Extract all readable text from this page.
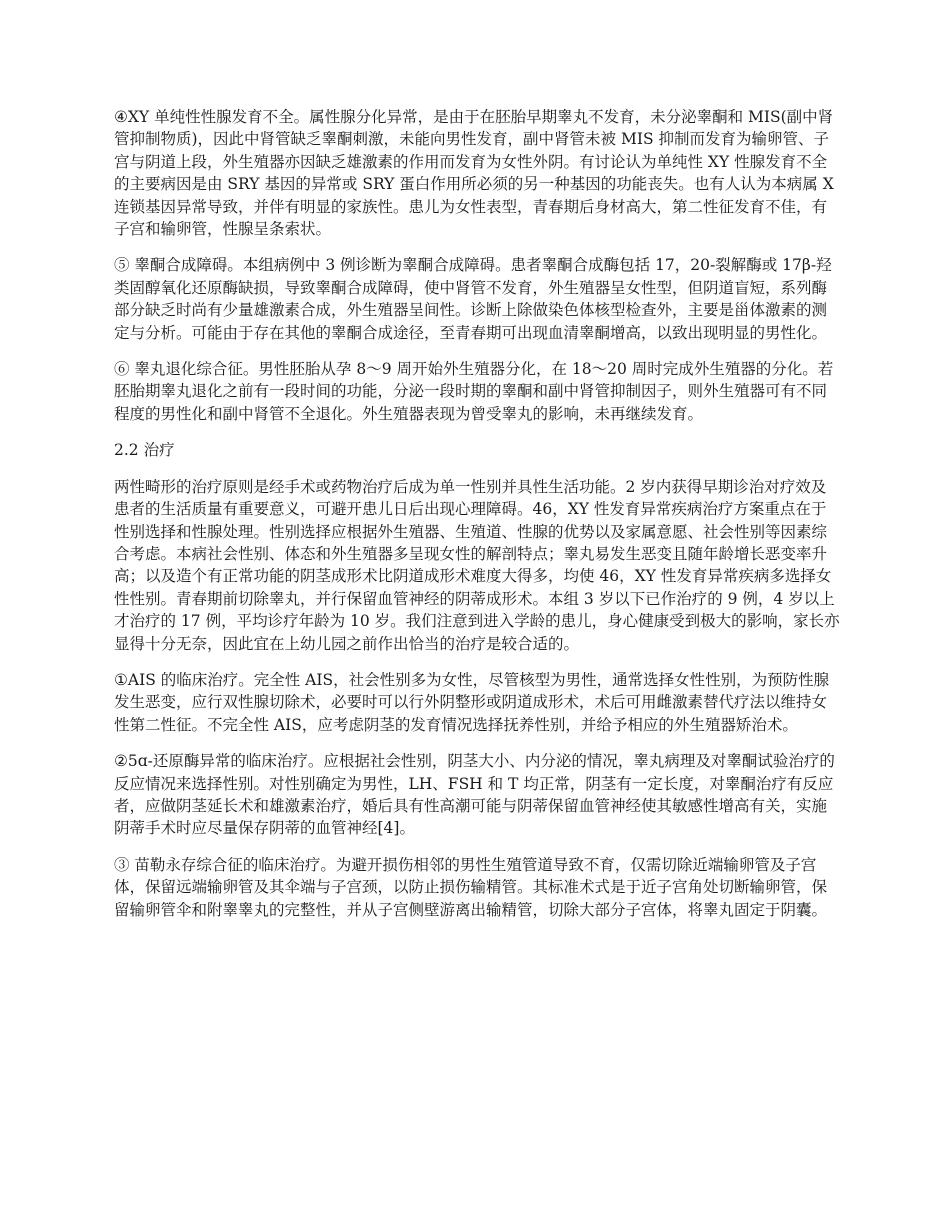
④XY 单纯性性腺发育不全。属性腺分化异常，是由于在胚胎早期睾丸不发育，未分泌睾酮和 MIS(副中肾管抑制物质)，因此中肾管缺乏睾酮刺激，未能向男性发育，副中肾管未被 MIS 抑制而发育为输卵管、子宫与阴道上段，外生殖器亦因缺乏雄激素的作用而发育为女性外阴。有讨论认为单纯性 XY 性腺发育不全的主要病因是由 SRY 基因的异常或 SRY 蛋白作用所必须的另一种基因的功能丧失。也有人认为本病属 X 连锁基因异常导致，并伴有明显的家族性。患儿为女性表型，青春期后身材高大，第二性征发育不佳，有子宫和输卵管，性腺呈条索状。

⑤ 睾酮合成障碍。本组病例中 3 例诊断为睾酮合成障碍。患者睾酮合成酶包括 17，20-裂解酶或 17β-羟类固醇氧化还原酶缺损，导致睾酮合成障碍，使中肾管不发育，外生殖器呈女性型，但阴道盲短，系列酶部分缺乏时尚有少量雄激素合成，外生殖器呈间性。诊断上除做染色体核型检查外，主要是甾体激素的测定与分析。可能由于存在其他的睾酮合成途径，至青春期可出现血清睾酮增高，以致出现明显的男性化。

⑥ 睾丸退化综合征。男性胚胎从孕 8～9 周开始外生殖器分化，在 18～20 周时完成外生殖器的分化。若胚胎期睾丸退化之前有一段时间的功能，分泌一段时期的睾酮和副中肾管抑制因子，则外生殖器可有不同程度的男性化和副中肾管不全退化。外生殖器表现为曾受睾丸的影响，未再继续发育。

2.2 治疗

两性畸形的治疗原则是经手术或药物治疗后成为单一性别并具性生活功能。2 岁内获得早期诊治对疗效及患者的生活质量有重要意义，可避开患儿日后出现心理障碍。46，XY 性发育异常疾病治疗方案重点在于性别选择和性腺处理。性别选择应根据外生殖器、生殖道、性腺的优势以及家属意愿、社会性别等因素综合考虑。本病社会性别、体态和外生殖器多呈现女性的解剖特点；睾丸易发生恶变且随年龄增长恶变率升高；以及造个有正常功能的阴茎成形术比阴道成形术难度大得多，均使 46，XY 性发育异常疾病多选择女性性别。青春期前切除睾丸，并行保留血管神经的阴蒂成形术。本组 3 岁以下已作治疗的 9 例，4 岁以上才治疗的 17 例，平均诊疗年龄为 10 岁。我们注意到进入学龄的患儿，身心健康受到极大的影响，家长亦显得十分无奈，因此宜在上幼儿园之前作出恰当的治疗是较合适的。

①AIS 的临床治疗。完全性 AIS，社会性别多为女性，尽管核型为男性，通常选择女性性别，为预防性腺发生恶变，应行双性腺切除术，必要时可以行外阴整形或阴道成形术，术后可用雌激素替代疗法以维持女性第二性征。不完全性 AIS，应考虑阴茎的发育情况选择抚养性别，并给予相应的外生殖器矫治术。

②5ɑ-还原酶异常的临床治疗。应根据社会性别，阴茎大小、内分泌的情况，睾丸病理及对睾酮试验治疗的反应情况来选择性别。对性别确定为男性，LH、FSH 和 T 均正常，阴茎有一定长度，对睾酮治疗有反应者，应做阴茎延长术和雄激素治疗，婚后具有性高潮可能与阴蒂保留血管神经使其敏感性增高有关，实施阴蒂手术时应尽量保存阴蒂的血管神经[4]。

③ 苗勒永存综合征的临床治疗。为避开损伤相邻的男性生殖管道导致不育，仅需切除近端输卵管及子宫体，保留远端输卵管及其伞端与子宫颈，以防止损伤输精管。其标准术式是于近子宫角处切断输卵管，保留输卵管伞和附睾睾丸的完整性，并从子宫侧壁游离出输精管，切除大部分子宫体，将睾丸固定于阴囊。
